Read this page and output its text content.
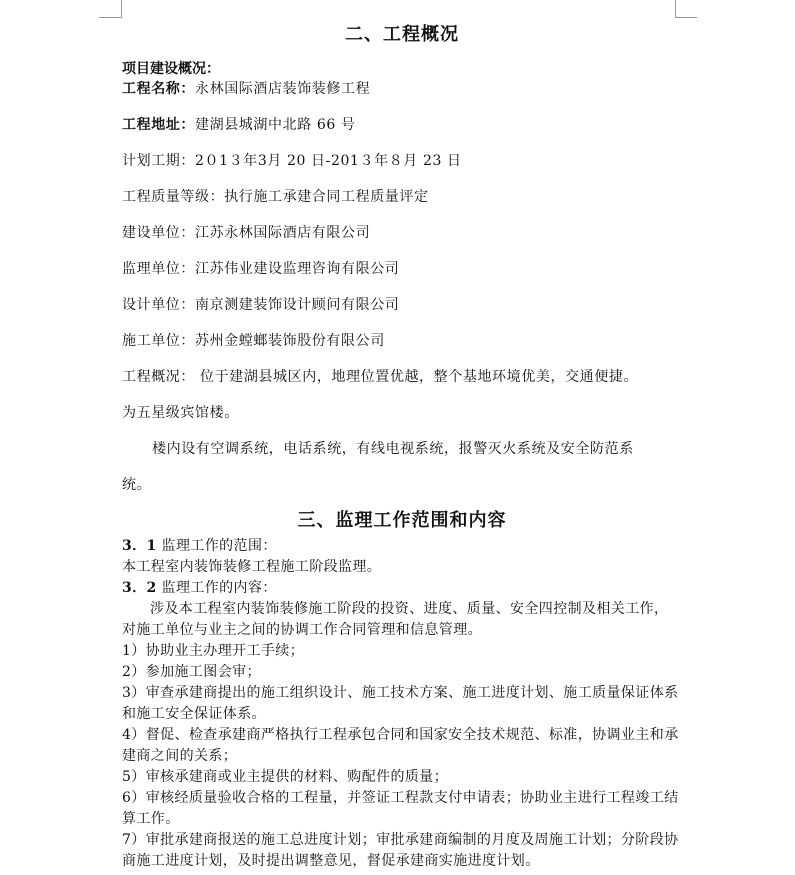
二、工程概况

项目建设概况：

工程名称：永林国际酒店装饰装修工程

工程地址：建湖县城湖中北路 66 号

计划工期：2０1３年3月 20 日-201３年８月 23 日

工程质量等级：执行施工承建合同工程质量评定

建设单位：江苏永林国际酒店有限公司

监理单位：江苏伟业建设监理咨询有限公司

设计单位：南京测建装饰设计顾问有限公司

施工单位：苏州金螳螂装饰股份有限公司

工程概况： 位于建湖县城区内，地理位置优越，整个基地环境优美，交通便捷。

为五星级宾馆楼。

楼内设有空调系统，电话系统，有线电视系统，报警灭火系统及安全防范系

统。

三、监理工作范围和内容

3．1 监理工作的范围：

本工程室内装饰装修工程施工阶段监理。

3．2 监理工作的内容：

涉及本工程室内装饰装修施工阶段的投资、进度、质量、安全四控制及相关工作，对施工单位与业主之间的协调工作合同管理和信息管理。

1）协助业主办理开工手续；

2）参加施工图会审；

3）审查承建商提出的施工组织设计、施工技术方案、施工进度计划、施工质量保证体系和施工安全保证体系。

4）督促、检查承建商严格执行工程承包合同和国家安全技术规范、标准，协调业主和承建商之间的关系；

5）审核承建商或业主提供的材料、购配件的质量；

6）审核经质量验收合格的工程量，并签证工程款支付申请表；协助业主进行工程竣工结算工作。

7）审批承建商报送的施工总进度计划；审批承建商编制的月度及周施工计划；分阶段协商施工进度计划，及时提出调整意见，督促承建商实施进度计划。
